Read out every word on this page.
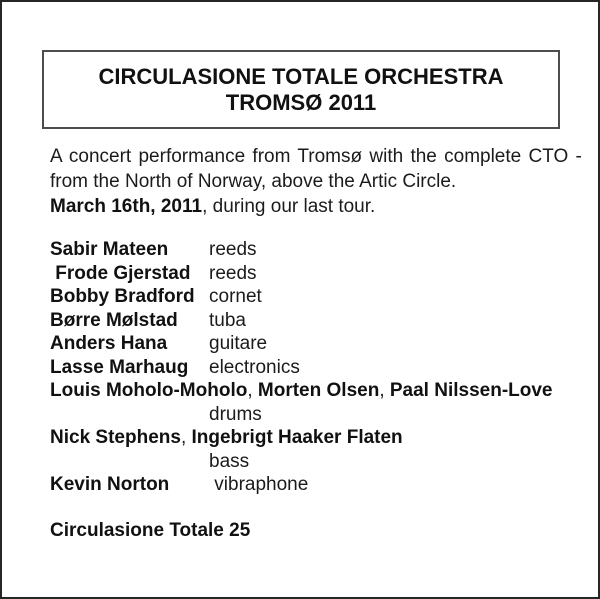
CIRCULASIONE TOTALE ORCHESTRA
TROMSØ 2011
A concert performance from Tromsø with the complete CTO -
from the North of Norway, above the Artic Circle.
March 16th, 2011, during our last tour.
Sabir Mateen reeds
Frode Gjerstad reeds
Bobby Bradford cornet
Børre Mølstad tuba
Anders Hana guitare
Lasse Marhaug electronics
Louis Moholo-Moholo, Morten Olsen, Paal Nilssen-Love
drums
Nick Stephens, Ingebrigt Haaker Flaten
bass
Kevin Norton vibraphone
Circulasione Totale 25
